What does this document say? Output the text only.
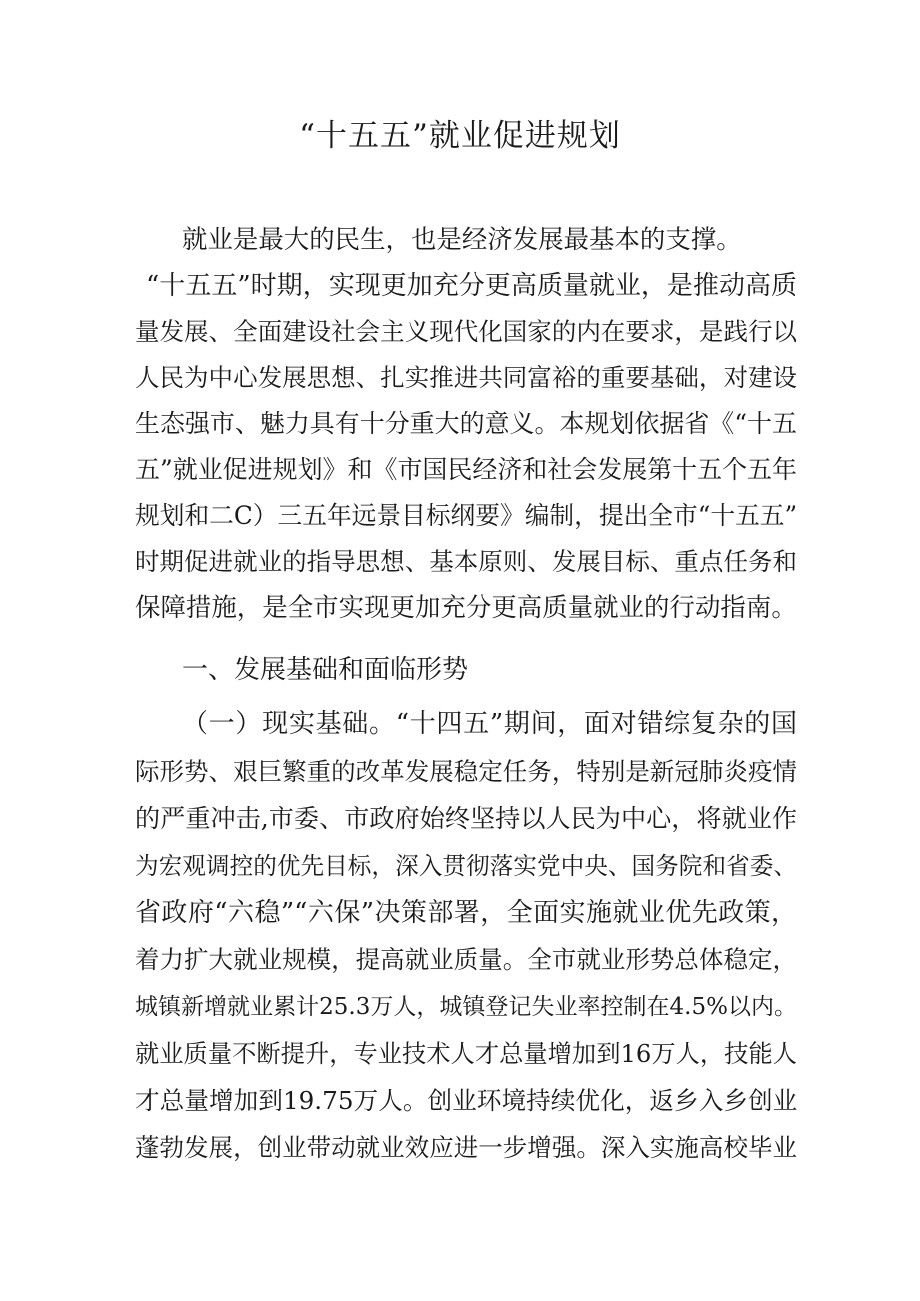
“十五五”就业促进规划
就业是最大的民生，也是经济发展最基本的支撑。
“十五五”时期，实现更加充分更高质量就业，是推动高质
量发展、全面建设社会主义现代化国家的内在要求，是践行以
人民为中心发展思想、扎实推进共同富裕的重要基础，对建设
生态强市、魅力具有十分重大的意义。本规划依据省《“十五
五”就业促进规划》和《市国民经济和社会发展第十五个五年
规划和二C）三五年远景目标纲要》编制，提出全市“十五五”
时期促进就业的指导思想、基本原则、发展目标、重点任务和
保障措施，是全市实现更加充分更高质量就业的行动指南。
一、发展基础和面临形势
（一）现实基础。“十四五”期间，面对错综复杂的国
际形势、艰巨繁重的改革发展稳定任务，特别是新冠肺炎疫情
的严重冲击,市委、市政府始终坚持以人民为中心，将就业作
为宏观调控的优先目标，深入贯彻落实党中央、国务院和省委、
省政府“六稳”“六保”决策部署，全面实施就业优先政策，
着力扩大就业规模，提高就业质量。全市就业形势总体稳定，
城镇新增就业累计25.3万人，城镇登记失业率控制在4.5%以内。
就业质量不断提升，专业技术人才总量增加到16万人，技能人
才总量增加到19.75万人。创业环境持续优化，返乡入乡创业
蓬勃发展，创业带动就业效应进一步增强。深入实施高校毕业
